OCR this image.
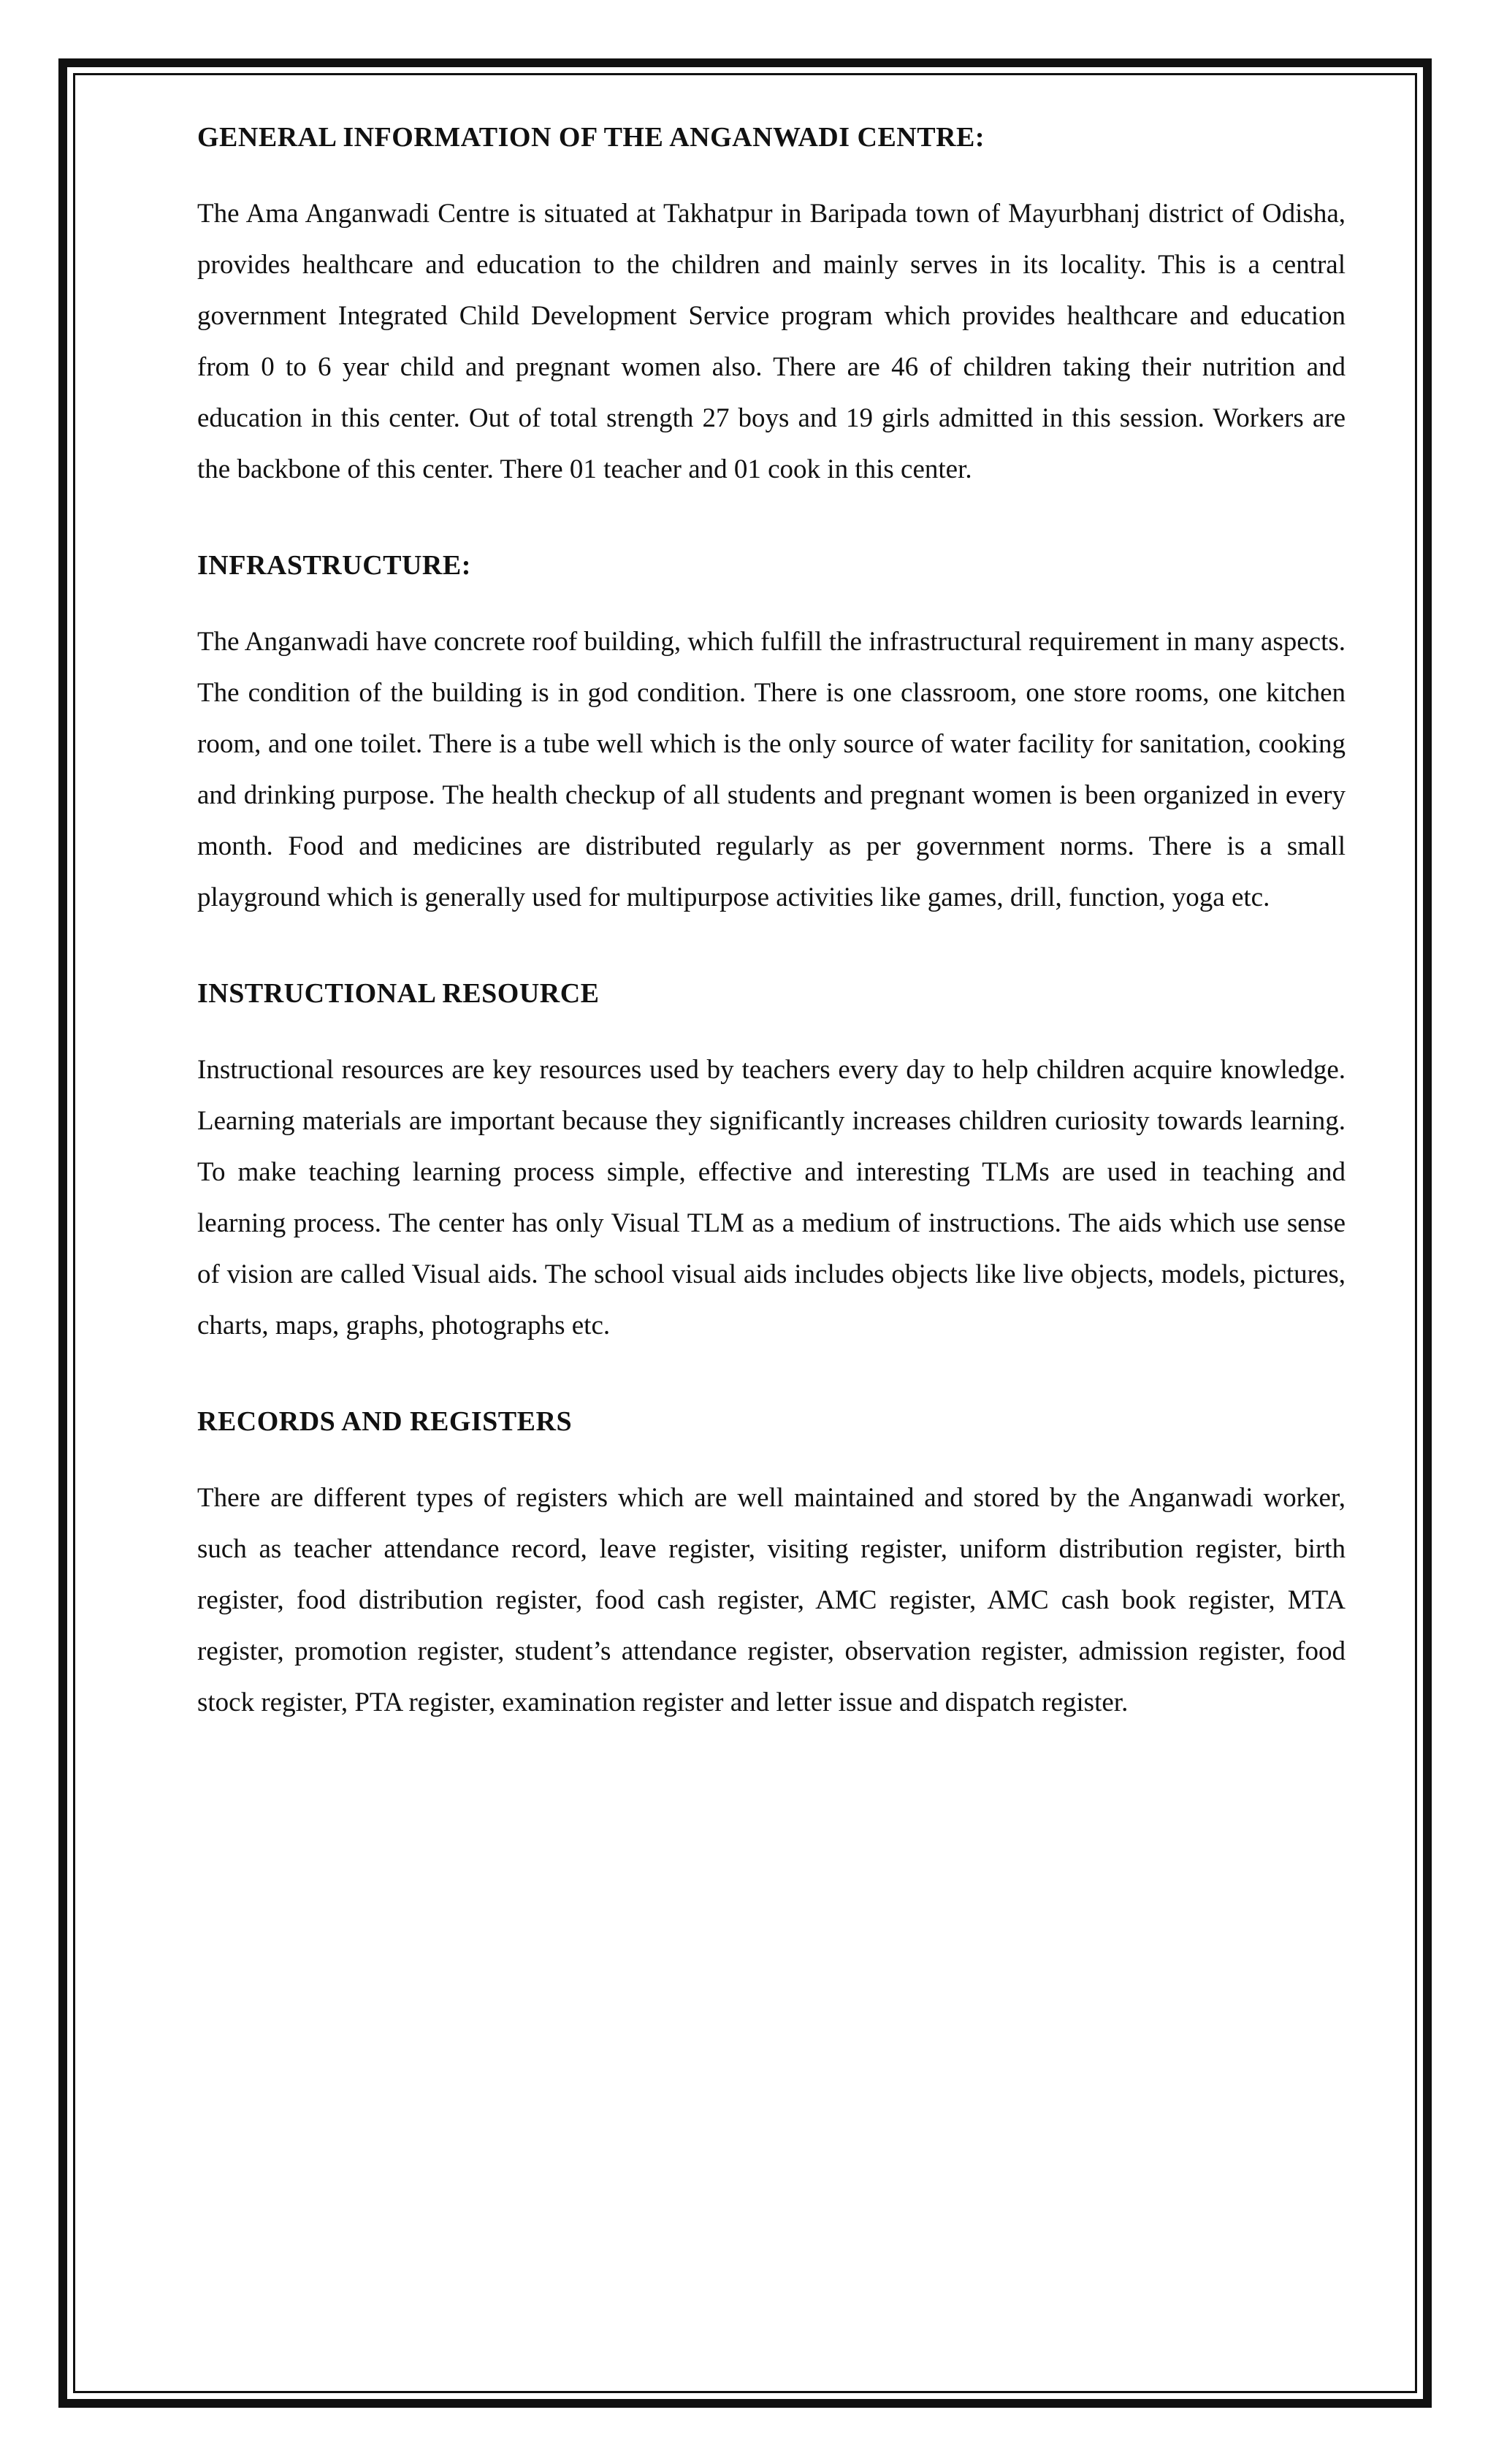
GENERAL INFORMATION OF THE ANGANWADI CENTRE:

The Ama Anganwadi Centre is situated at Takhatpur in Baripada town of Mayurbhanj district of Odisha, provides healthcare and education to the children and mainly serves in its locality. This is a central government Integrated Child Development Service program which provides healthcare and education from 0 to 6 year child and pregnant women also. There are 46 of children taking their nutrition and education in this center. Out of total strength 27 boys and 19 girls admitted in this session. Workers are the backbone of this center. There 01 teacher and 01 cook in this center.

INFRASTRUCTURE:

The Anganwadi have concrete roof building, which fulfill the infrastructural requirement in many aspects. The condition of the building is in god condition. There is one classroom, one store rooms, one kitchen room, and one toilet. There is a tube well which is the only source of water facility for sanitation, cooking and drinking purpose. The health checkup of all students and pregnant women is been organized in every month. Food and medicines are distributed regularly as per government norms. There is a small playground which is generally used for multipurpose activities like games, drill, function, yoga etc.

INSTRUCTIONAL RESOURCE

Instructional resources are key resources used by teachers every day to help children acquire knowledge. Learning materials are important because they significantly increases children curiosity towards learning. To make teaching learning process simple, effective and interesting TLMs are used in teaching and learning process. The center has only Visual TLM as a medium of instructions. The aids which use sense of vision are called Visual aids. The school visual aids includes objects like live objects, models, pictures, charts, maps, graphs, photographs etc.

RECORDS AND REGISTERS

There are different types of registers which are well maintained and stored by the Anganwadi worker, such as teacher attendance record, leave register, visiting register, uniform distribution register, birth register, food distribution register, food cash register, AMC register, AMC cash book register, MTA register, promotion register, student’s attendance register, observation register, admission register, food stock register, PTA register, examination register and letter issue and dispatch register.
